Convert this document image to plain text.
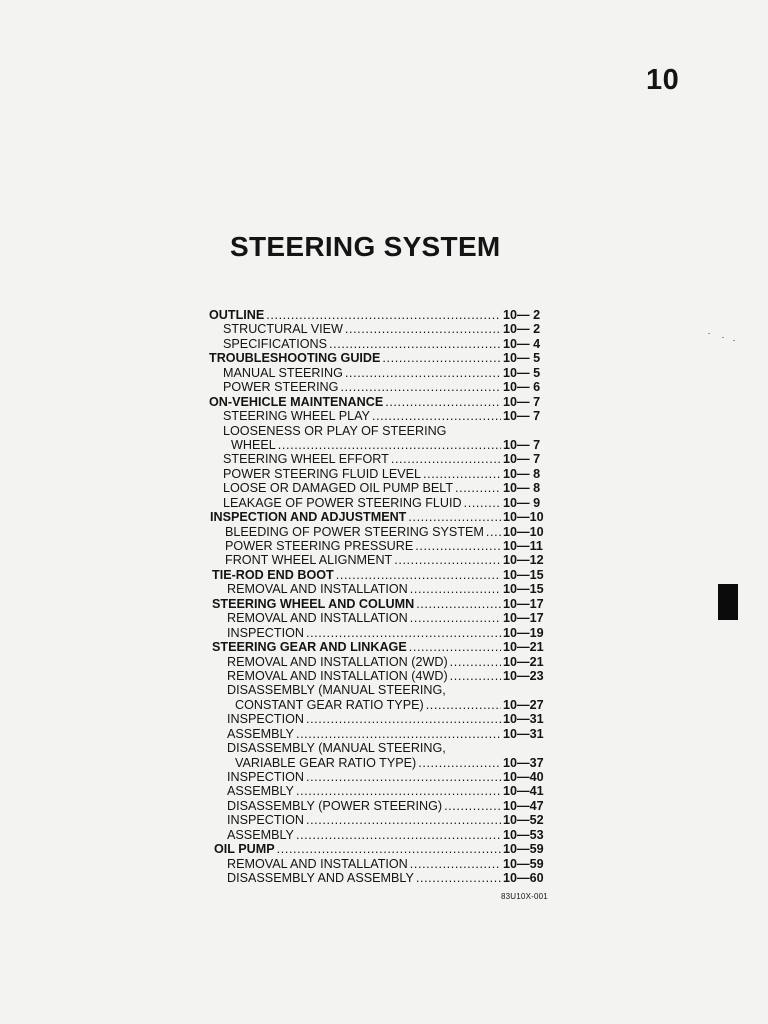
10
STEERING SYSTEM
OUTLINE .....	10— 2
STRUCTURAL VIEW .....	10— 2
SPECIFICATIONS .....	10— 4
TROUBLESHOOTING GUIDE .....	10— 5
MANUAL STEERING .....	10— 5
POWER STEERING .....	10— 6
ON-VEHICLE MAINTENANCE .....	10— 7
STEERING WHEEL PLAY .....	10— 7
LOOSENESS OR PLAY OF STEERING
WHEEL .....	10— 7
STEERING WHEEL EFFORT .....	10— 7
POWER STEERING FLUID LEVEL .....	10— 8
LOOSE OR DAMAGED OIL PUMP BELT .....	10— 8
LEAKAGE OF POWER STEERING FLUID .....	10— 9
INSPECTION AND ADJUSTMENT .....	10—10
BLEEDING OF POWER STEERING SYSTEM ..... 10—10
POWER STEERING PRESSURE .....	10—11
FRONT WHEEL ALIGNMENT .....	10—12
TIE-ROD END BOOT .....	10—15
REMOVAL AND INSTALLATION .....	10—15
STEERING WHEEL AND COLUMN .....	10—17
REMOVAL AND INSTALLATION .....	10—17
INSPECTION .....	10—19
STEERING GEAR AND LINKAGE .....	10—21
REMOVAL AND INSTALLATION (2WD) .....	10—21
REMOVAL AND INSTALLATION (4WD) .....	10—23
DISASSEMBLY (MANUAL STEERING,
CONSTANT GEAR RATIO TYPE) .....	10—27
INSPECTION .....	10—31
ASSEMBLY .....	10—31
DISASSEMBLY (MANUAL STEERING,
VARIABLE GEAR RATIO TYPE) .....	10—37
INSPECTION .....	10—40
ASSEMBLY .....	10—41
DISASSEMBLY (POWER STEERING) .....	10—47
INSPECTION .....	10—52
ASSEMBLY .....	10—53
OIL PUMP .....	10—59
REMOVAL AND INSTALLATION .....	10—59
DISASSEMBLY AND ASSEMBLY .....	10—60
83U10X-001
